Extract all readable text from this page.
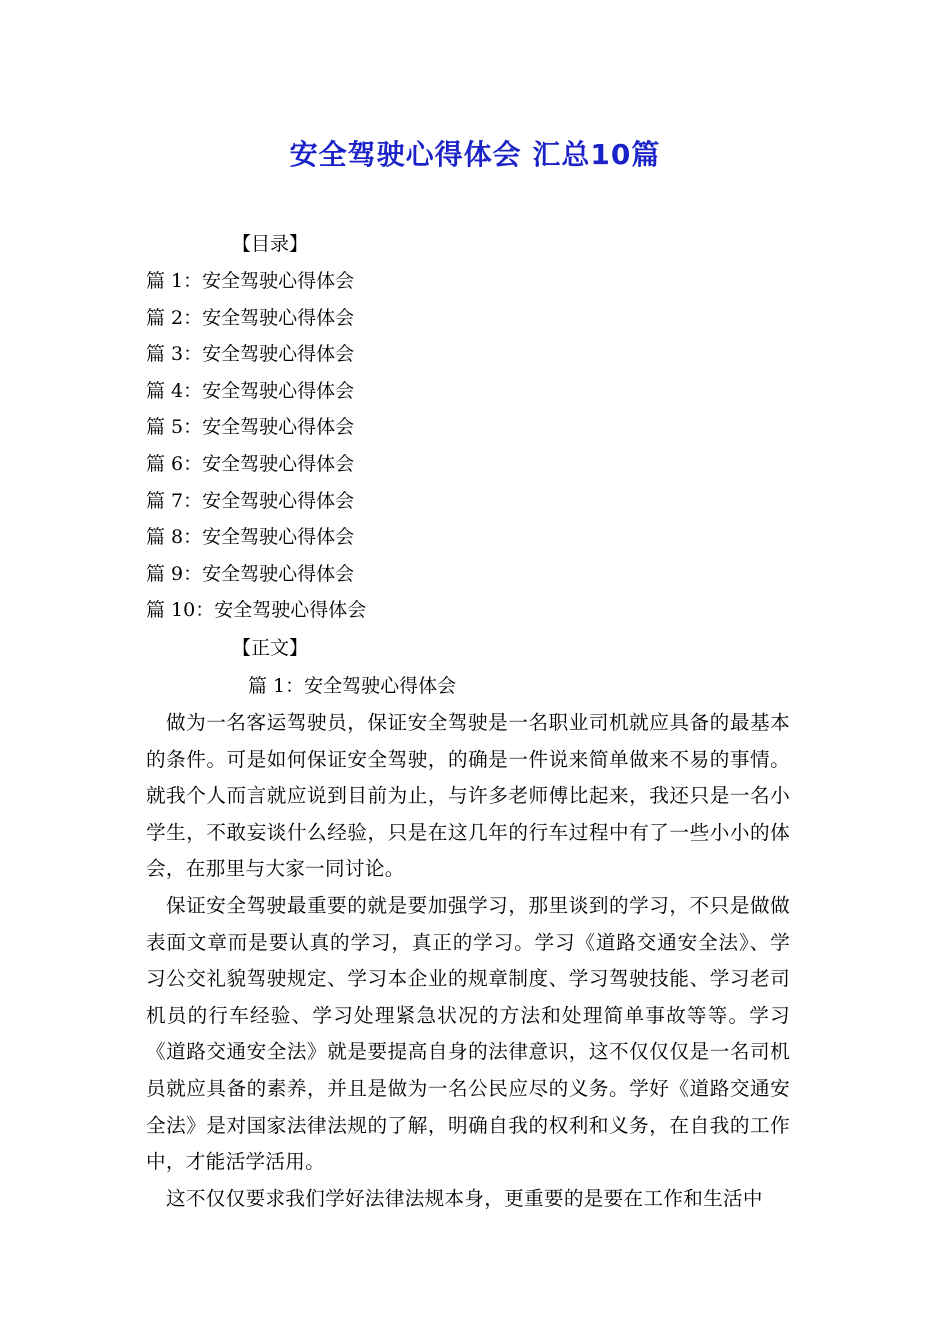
安全驾驶心得体会 汇总10篇
【目录】
篇 1：安全驾驶心得体会
篇 2：安全驾驶心得体会
篇 3：安全驾驶心得体会
篇 4：安全驾驶心得体会
篇 5：安全驾驶心得体会
篇 6：安全驾驶心得体会
篇 7：安全驾驶心得体会
篇 8：安全驾驶心得体会
篇 9：安全驾驶心得体会
篇 10：安全驾驶心得体会
【正文】
篇 1：安全驾驶心得体会

做为一名客运驾驶员，保证安全驾驶是一名职业司机就应具备的最基本的条件。可是如何保证安全驾驶，的确是一件说来简单做来不易的事情。就我个人而言就应说到目前为止，与许多老师傅比起来，我还只是一名小学生，不敢妄谈什么经验，只是在这几年的行车过程中有了一些小小的体会，在那里与大家一同讨论。

保证安全驾驶最重要的就是要加强学习，那里谈到的学习，不只是做做表面文章而是要认真的学习，真正的学习。学习《道路交通安全法》、学习公交礼貌驾驶规定、学习本企业的规章制度、学习驾驶技能、学习老司机员的行车经验、学习处理紧急状况的方法和处理简单事故等等。学习《道路交通安全法》就是要提高自身的法律意识，这不仅仅仅是一名司机员就应具备的素养，并且是做为一名公民应尽的义务。学好《道路交通安全法》是对国家法律法规的了解，明确自我的权利和义务，在自我的工作中，才能活学活用。

这不仅仅要求我们学好法律法规本身，更重要的是要在工作和生活中
